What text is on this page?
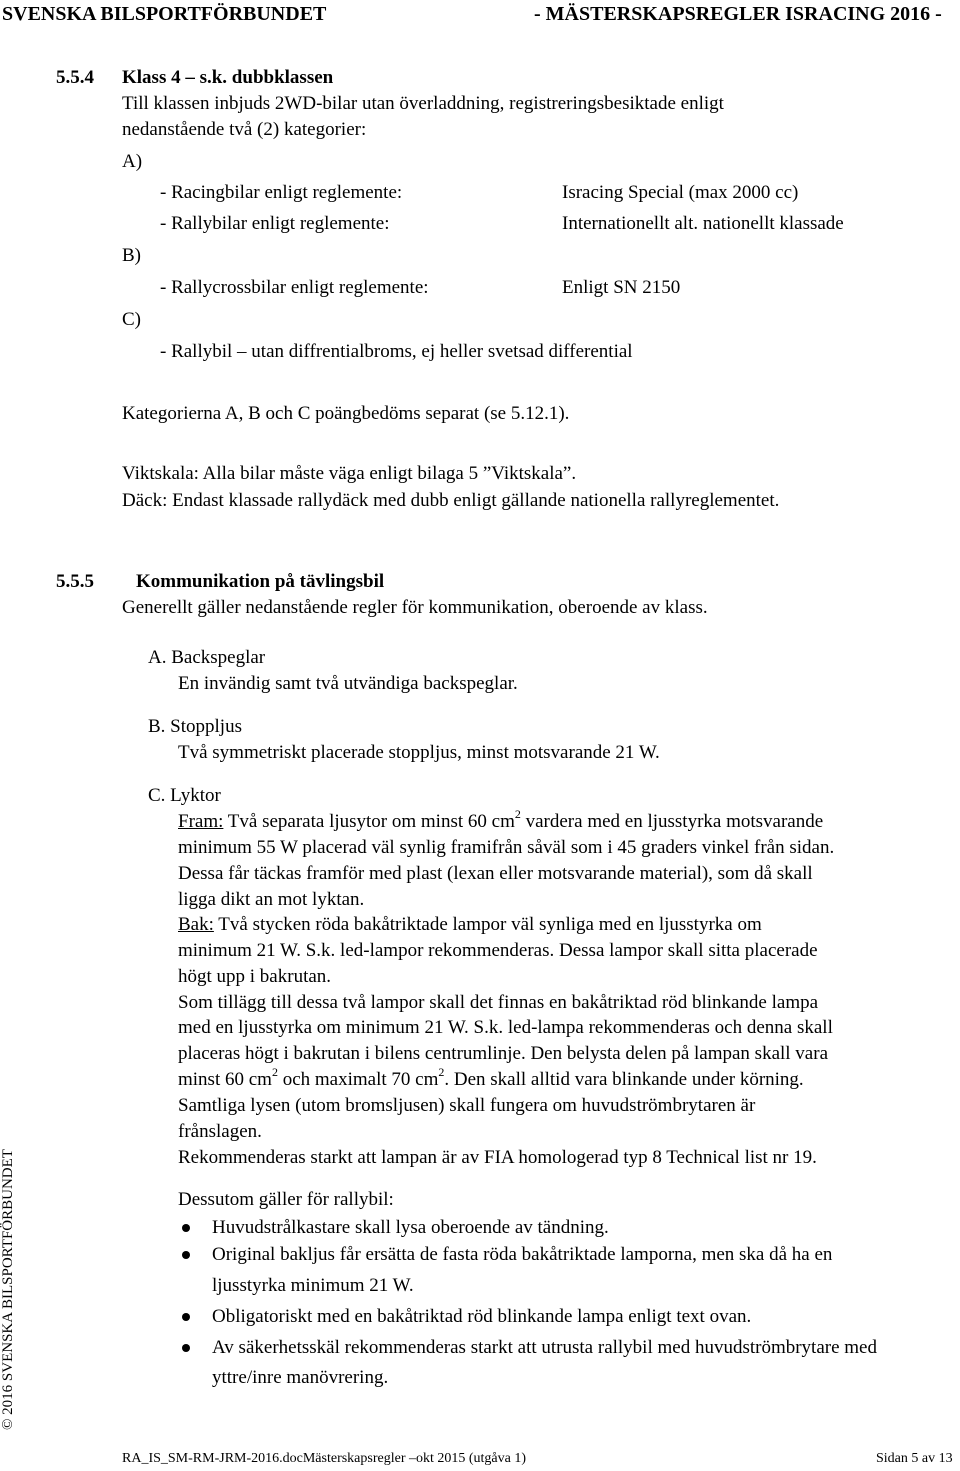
SVENSKA BILSPORTFÖRBUNDET	- MÄSTERSKAPSREGLER ISRACING 2016 -
5.5.4 Klass 4 – s.k. dubbklassen
Till klassen inbjuds 2WD-bilar utan överladdning, registreringsbesiktade enligt
nedanstående två (2) kategorier:
A)
- Racingbilar enligt reglemente:	Isracing Special (max 2000 cc)
- Rallybilar enligt reglemente:	Internationellt alt. nationellt klassade
B)
- Rallycrossbilar enligt reglemente:	Enligt SN 2150
C)
- Rallybil – utan diffrentialbroms, ej heller svetsad differential
Kategorierna A, B och C poängbedöms separat (se 5.12.1).
Viktskala: Alla bilar måste väga enligt bilaga 5 ”Viktskala”.
Däck: Endast klassade rallydäck med dubb enligt gällande nationella rallyreglementet.
5.5.5 Kommunikation på tävlingsbil
Generellt gäller nedanstående regler för kommunikation, oberoende av klass.
A. Backspeglar
En invändig samt två utvändiga backspeglar.
B. Stoppljus
Två symmetriskt placerade stoppljus, minst motsvarande 21 W.
C. Lyktor
Fram: Två separata ljusytor om minst 60 $cm^2$ vardera med en ljusstyrka motsvarande
minimum 55 W placerad väl synlig framifrån såväl som i 45 graders vinkel från sidan.
Dessa får täckas framför med plast (lexan eller motsvarande material), som då skall
ligga dikt an mot lyktan.
Bak: Två stycken röda bakåtriktade lampor väl synliga med en ljusstyrka om
minimum 21 W. S.k. led-lampor rekommenderas. Dessa lampor skall sitta placerade
högt upp i bakrutan.
Som tillägg till dessa två lampor skall det finnas en bakåtriktad röd blinkande lampa
med en ljusstyrka om minimum 21 W. S.k. led-lampa rekommenderas och denna skall
placeras högt i bakrutan i bilens centrumlinje. Den belysta delen på lampan skall vara
minst 60 $cm^2$ och maximalt 70 $cm^2$. Den skall alltid vara blinkande under körning.
Samtliga lysen (utom bromsljusen) skall fungera om huvudströmbrytaren är
frånslagen.
Rekommenderas starkt att lampan är av FIA homologerad typ 8 Technical list nr 19.
Dessutom gäller för rallybil:
Huvudstrålkastare skall lysa oberoende av tändning.
Original bakljus får ersätta de fasta röda bakåtriktade lamporna, men ska då ha en
ljusstyrka minimum 21 W.
Obligatoriskt med en bakåtriktad röd blinkande lampa enligt text ovan.
Av säkerhetsskäl rekommenderas starkt att utrusta rallybil med huvudströmbrytare med
yttre/inre manövrering.
© 2016 SVENSKA BILSPORTFÖRBUNDET
RA_IS_SM-RM-JRM-2016.docMästerskapsregler –okt 2015 (utgåva 1)	Sidan 5 av 13
